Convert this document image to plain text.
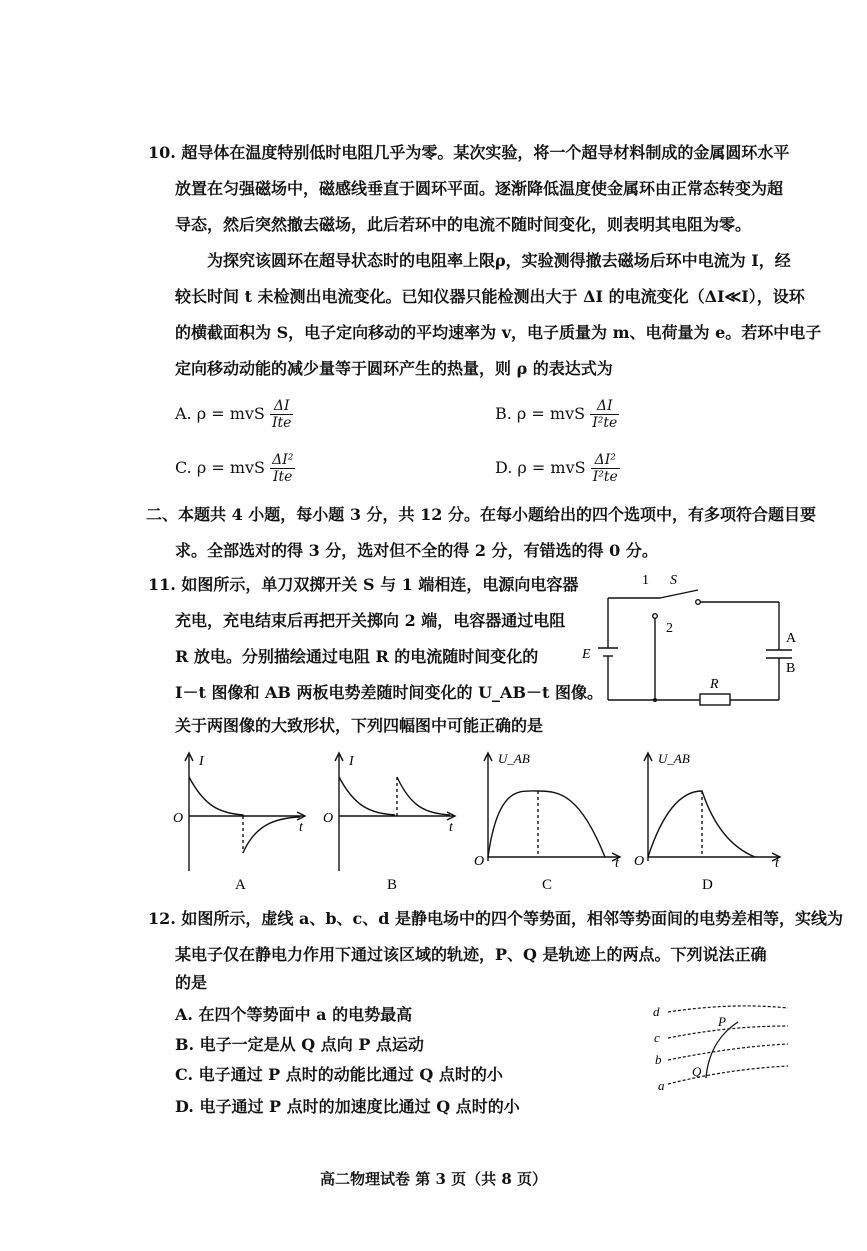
10. 超导体在温度特别低时电阻几乎为零。某次实验，将一个超导材料制成的金属圆环水平
放置在匀强磁场中，磁感线垂直于圆环平面。逐渐降低温度使金属环由正常态转变为超
导态，然后突然撤去磁场，此后若环中的电流不随时间变化，则表明其电阻为零。
为探究该圆环在超导状态时的电阻率上限ρ，实验测得撤去磁场后环中电流为 I，经
较长时间 t 未检测出电流变化。已知仪器只能检测出大于 ΔI 的电流变化（ΔI≪I），设环
的横截面积为 S，电子定向移动的平均速率为 v，电子质量为 m、电荷量为 e。若环中电子
定向移动动能的减少量等于圆环产生的热量，则 ρ 的表达式为
A. ρ = mvS $\frac{\Delta I}{\text{Ite}}$	B. ρ = mvS $\frac{\Delta I}{\text{I²te}}$
C. ρ = mvS $\frac{\text{ΔI²}}{\text{Ite}}$	D. ρ = mvS $\frac{\text{ΔI²}}{\text{I²te}}$
二、本题共 4 小题，每小题 3 分，共 12 分。在每小题给出的四个选项中，有多项符合题目要
求。全部选对的得 3 分，选对但不全的得 2 分，有错选的得 0 分。
11. 如图所示，单刀双掷开关 S 与 1 端相连，电源向电容器
充电，充电结束后再把开关掷向 2 端，电容器通过电阻
R 放电。分别描绘通过电阻 R 的电流随时间变化的
I－t 图像和 AB 两板电势差随时间变化的 U_AB－t 图像。
关于两图像的大致形状，下列四幅图中可能正确的是
S
1
2
E
R
A
B
I
O
t
A
I
O
t
B
U_AB
O	t
C
U_AB
O	t
D
12. 如图所示，虚线 a、b、c、d 是静电场中的四个等势面，相邻等势面间的电势差相等，实线为
某电子仅在静电力作用下通过该区域的轨迹，P、Q 是轨迹上的两点。下列说法正确
的是
A. 在四个等势面中 a 的电势最高
B. 电子一定是从 Q 点向 P 点运动
C. 电子通过 P 点时的动能比通过 Q 点时的小
D. 电子通过 P 点时的加速度比通过 Q 点时的小
d
c
b
a
P
Q
高二物理试卷 第 3 页（共 8 页）
